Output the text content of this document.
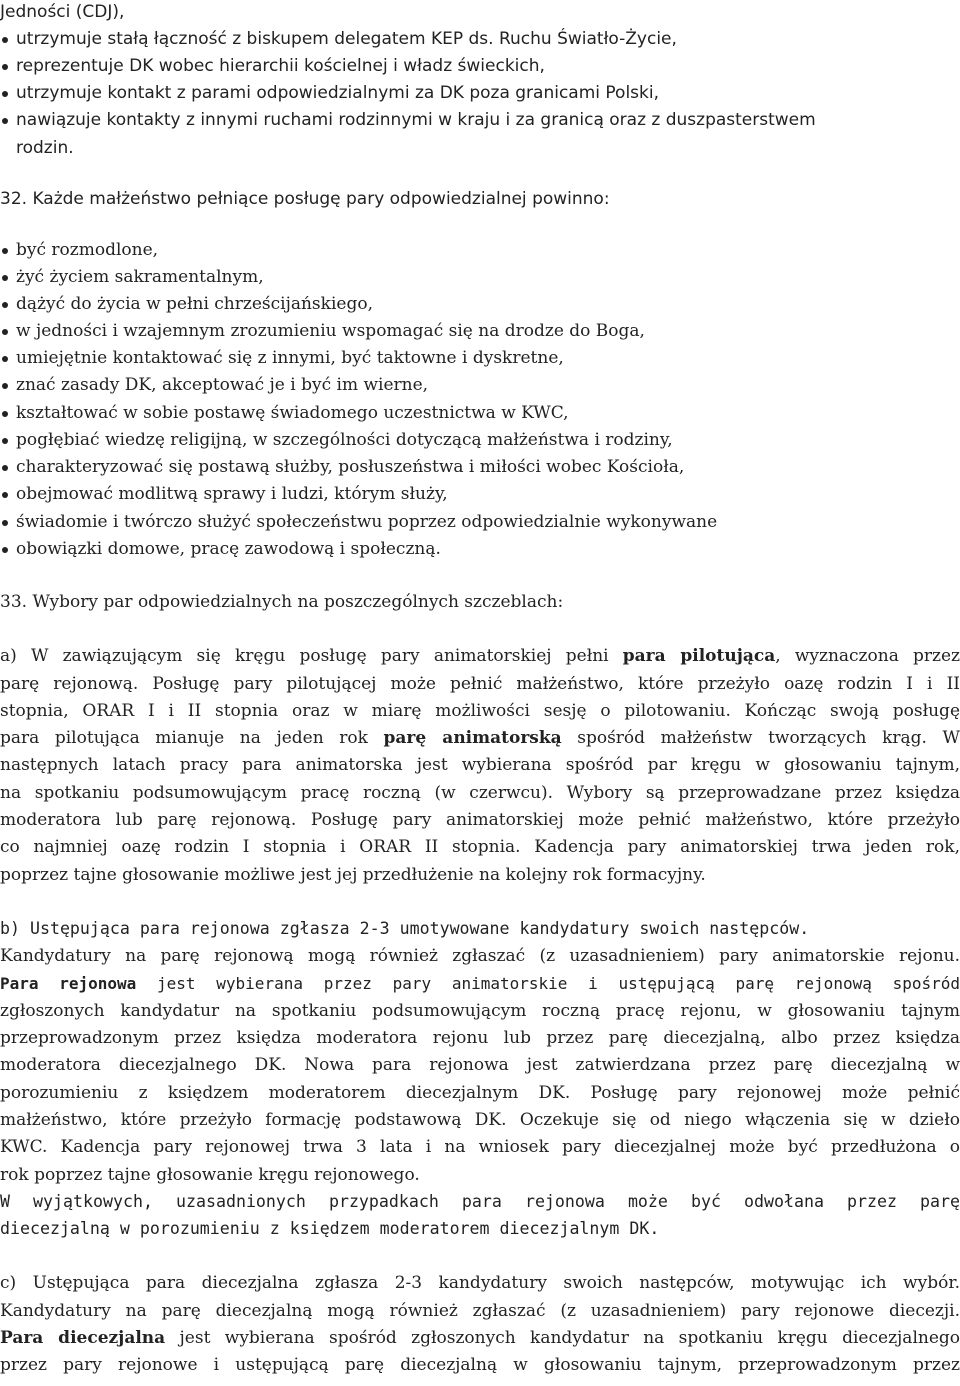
Jedności (CDJ),
utrzymuje stałą łączność z biskupem delegatem KEP ds. Ruchu Światło-Życie,
reprezentuje DK wobec hierarchii kościelnej i władz świeckich,
utrzymuje kontakt z parami odpowiedzialnymi za DK poza granicami Polski,
nawiązuje kontakty z innymi ruchami rodzinnymi w kraju i za granicą oraz z duszpasterstwem
rodzin.
32. Każde małżeństwo pełniące posługę pary odpowiedzialnej powinno:
być rozmodlone,
żyć życiem sakramentalnym,
dążyć do życia w pełni chrześcijańskiego,
w jedności i wzajemnym zrozumieniu wspomagać się na drodze do Boga,
umiejętnie kontaktować się z innymi, być taktowne i dyskretne,
znać zasady DK, akceptować je i być im wierne,
kształtować w sobie postawę świadomego uczestnictwa w KWC,
pogłębiać wiedzę religijną, w szczególności dotyczącą małżeństwa i rodziny,
charakteryzować się postawą służby, posłuszeństwa i miłości wobec Kościoła,
obejmować modlitwą sprawy i ludzi, którym służy,
świadomie i twórczo służyć społeczeństwu poprzez odpowiedzialnie wykonywane
obowiązki domowe, pracę zawodową i społeczną.
33. Wybory par odpowiedzialnych na poszczególnych szczeblach:
a) W zawiązującym się kręgu posługę pary animatorskiej pełni para pilotująca, wyznaczona przez
parę rejonową. Posługę pary pilotującej może pełnić małżeństwo, które przeżyło oazę rodzin I i II
stopnia, ORAR I i II stopnia oraz w miarę możliwości sesję o pilotowaniu. Kończąc swoją posługę
para pilotująca mianuje na jeden rok parę animatorską spośród małżeństw tworzących krąg. W
następnych latach pracy para animatorska jest wybierana spośród par kręgu w głosowaniu tajnym,
na spotkaniu podsumowującym pracę roczną (w czerwcu). Wybory są przeprowadzane przez księdza
moderatora lub parę rejonową. Posługę pary animatorskiej może pełnić małżeństwo, które przeżyło
co najmniej oazę rodzin I stopnia i ORAR II stopnia. Kadencja pary animatorskiej trwa jeden rok,
poprzez tajne głosowanie możliwe jest jej przedłużenie na kolejny rok formacyjny.
b) Ustępująca para rejonowa zgłasza 2-3 umotywowane kandydatury swoich następców.
Kandydatury na parę rejonową mogą również zgłaszać (z uzasadnieniem) pary animatorskie rejonu.
Para rejonowa jest wybierana przez pary animatorskie i ustępującą parę rejonową spośród
zgłoszonych kandydatur na spotkaniu podsumowującym roczną pracę rejonu, w głosowaniu tajnym
przeprowadzonym przez księdza moderatora rejonu lub przez parę diecezjalną, albo przez księdza
moderatora diecezjalnego DK. Nowa para rejonowa jest zatwierdzana przez parę diecezjalną w
porozumieniu z księdzem moderatorem diecezjalnym DK. Posługę pary rejonowej może pełnić
małżeństwo, które przeżyło formację podstawową DK. Oczekuje się od niego włączenia się w dzieło
KWC. Kadencja pary rejonowej trwa 3 lata i na wniosek pary diecezjalnej może być przedłużona o
rok poprzez tajne głosowanie kręgu rejonowego.
W wyjątkowych, uzasadnionych przypadkach para rejonowa może być odwołana przez parę
diecezjalną w porozumieniu z księdzem moderatorem diecezjalnym DK.
c) Ustępująca para diecezjalna zgłasza 2-3 kandydatury swoich następców, motywując ich wybór.
Kandydatury na parę diecezjalną mogą również zgłaszać (z uzasadnieniem) pary rejonowe diecezji.
Para diecezjalna jest wybierana spośród zgłoszonych kandydatur na spotkaniu kręgu diecezjalnego
przez pary rejonowe i ustępującą parę diecezjalną w głosowaniu tajnym, przeprowadzonym przez
